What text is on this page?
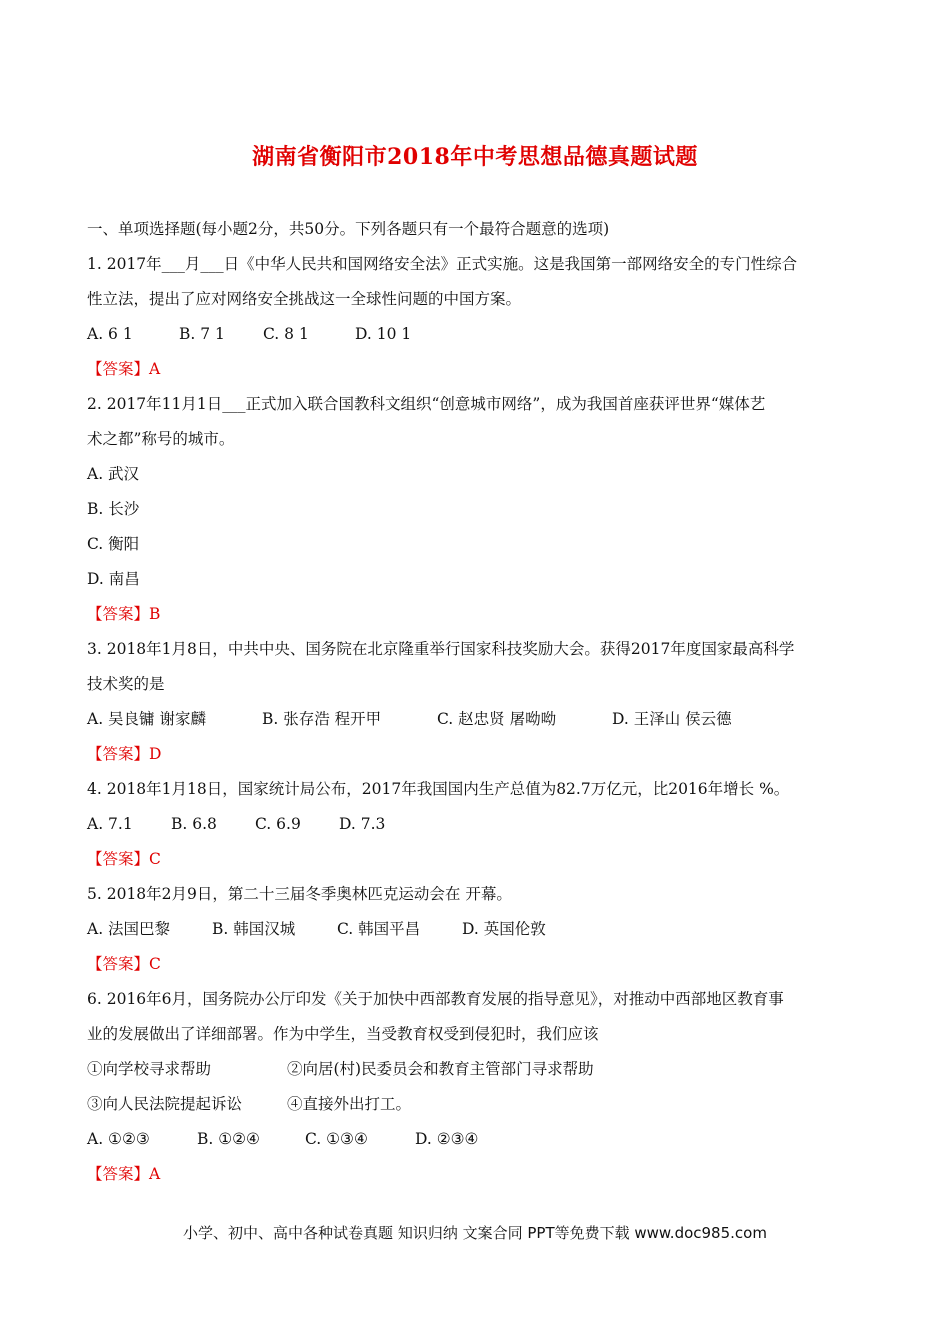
湖南省衡阳市2018年中考思想品德真题试题
一、单项选择题(每小题2分，共50分。下列各题只有一个最符合题意的选项)
1. 2017年___月___日《中华人民共和国网络安全法》正式实施。这是我国第一部网络安全的专门性综合
性立法，提出了应对网络安全挑战这一全球性问题的中国方案。
A. 6 1	B. 7 1 C. 8 1	D. 10 1
【答案】A
2. 2017年11月1日___正式加入联合国教科文组织“创意城市网络”，成为我国首座获评世界“媒体艺
术之都”称号的城市。
A. 武汉
B. 长沙
C. 衡阳
D. 南昌
【答案】B
3. 2018年1月8日，中共中央、国务院在北京隆重举行国家科技奖励大会。获得2017年度国家最高科学
技术奖的是
A. 吴良镛 谢家麟	B. 张存浩 程开甲	C. 赵忠贤 屠呦呦	D. 王泽山 侯云德
【答案】D
4. 2018年1月18日，国家统计局公布，2017年我国国内生产总值为82.7万亿元，比2016年增长 %。
A. 7.1 B. 6.8 C. 6.9 D. 7.3
【答案】C
5. 2018年2月9日，第二十三届冬季奥林匹克运动会在 开幕。
A. 法国巴黎	B. 韩国汉城	C. 韩国平昌	D. 英国伦敦
【答案】C
6. 2016年6月，国务院办公厅印发《关于加快中西部教育发展的指导意见》，对推动中西部地区教育事
业的发展做出了详细部署。作为中学生，当受教育权受到侵犯时，我们应该
①向学校寻求帮助	②向居(村)民委员会和教育主管部门寻求帮助
③向人民法院提起诉讼	④直接外出打工。
A. ①②③	B. ①②④	C. ①③④	D. ②③④
【答案】A
小学、初中、高中各种试卷真题 知识归纳 文案合同 PPT等免费下载 www.doc985.com
